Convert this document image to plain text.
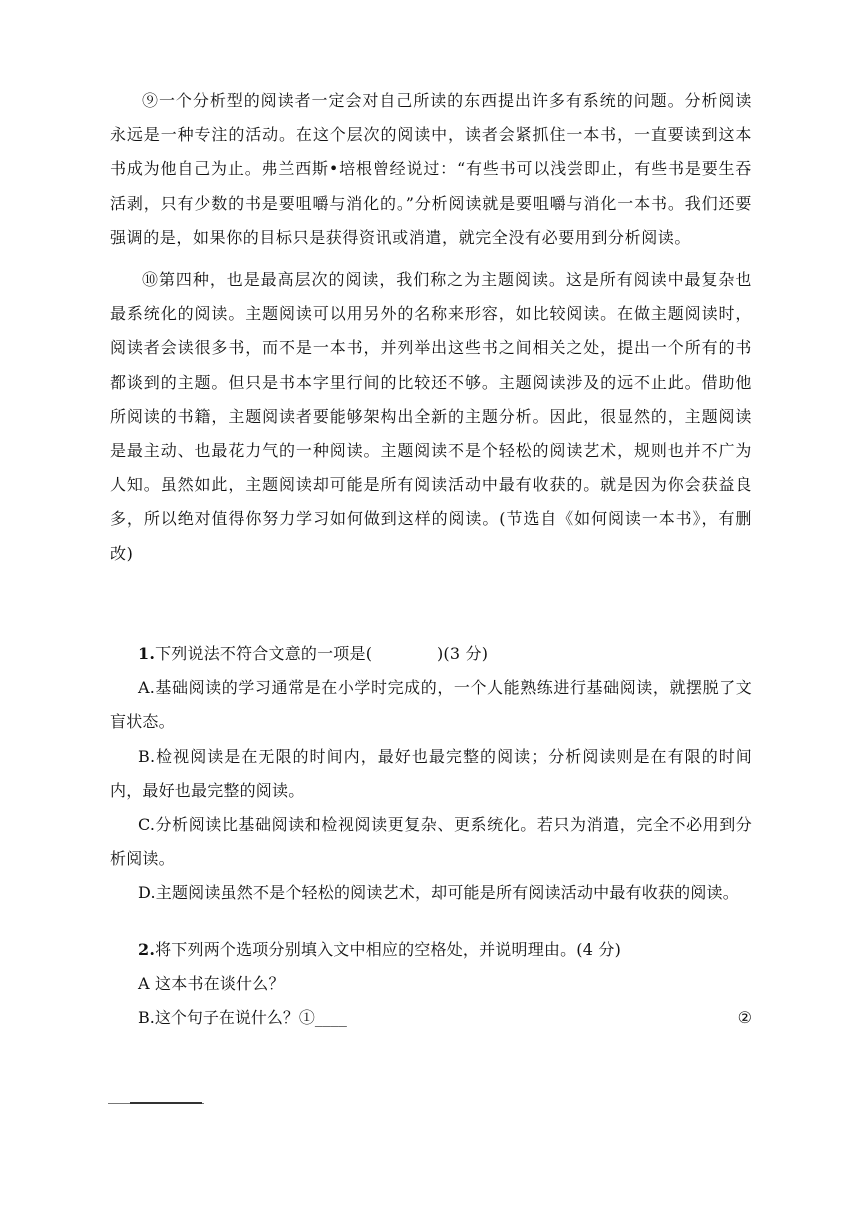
⑨一个分析型的阅读者一定会对自己所读的东西提出许多有系统的问题。分析阅读永远是一种专注的活动。在这个层次的阅读中，读者会紧抓住一本书，一直要读到这本书成为他自己为止。弗兰西斯•培根曾经说过：“有些书可以浅尝即止，有些书是要生吞活剥，只有少数的书是要咀嚼与消化的。”分析阅读就是要咀嚼与消化一本书。我们还要强调的是，如果你的目标只是获得资讯或消遣，就完全没有必要用到分析阅读。

⑩第四种，也是最高层次的阅读，我们称之为主题阅读。这是所有阅读中最复杂也最系统化的阅读。主题阅读可以用另外的名称来形容，如比较阅读。在做主题阅读时，阅读者会读很多书，而不是一本书，并列举出这些书之间相关之处，提出一个所有的书都谈到的主题。但只是书本字里行间的比较还不够。主题阅读涉及的远不止此。借助他所阅读的书籍，主题阅读者要能够架构出全新的主题分析。因此，很显然的，主题阅读是最主动、也最花力气的一种阅读。主题阅读不是个轻松的阅读艺术，规则也并不广为人知。虽然如此，主题阅读却可能是所有阅读活动中最有收获的。就是因为你会获益良多，所以绝对值得你努力学习如何做到这样的阅读。(节选自《如何阅读一本书》，有删改)

1.下列说法不符合文意的一项是(　　　　)(3 分)

A.基础阅读的学习通常是在小学时完成的，一个人能熟练进行基础阅读，就摆脱了文盲状态。

B.检视阅读是在无限的时间内，最好也最完整的阅读；分析阅读则是在有限的时间内，最好也最完整的阅读。

C.分析阅读比基础阅读和检视阅读更复杂、更系统化。若只为消遣，完全不必用到分析阅读。

D.主题阅读虽然不是个轻松的阅读艺术，却可能是所有阅读活动中最有收获的阅读。

2.将下列两个选项分别填入文中相应的空格处，并说明理由。(4 分)

A 这本书在谈什么？

B.这个句子在说什么？①____	②
